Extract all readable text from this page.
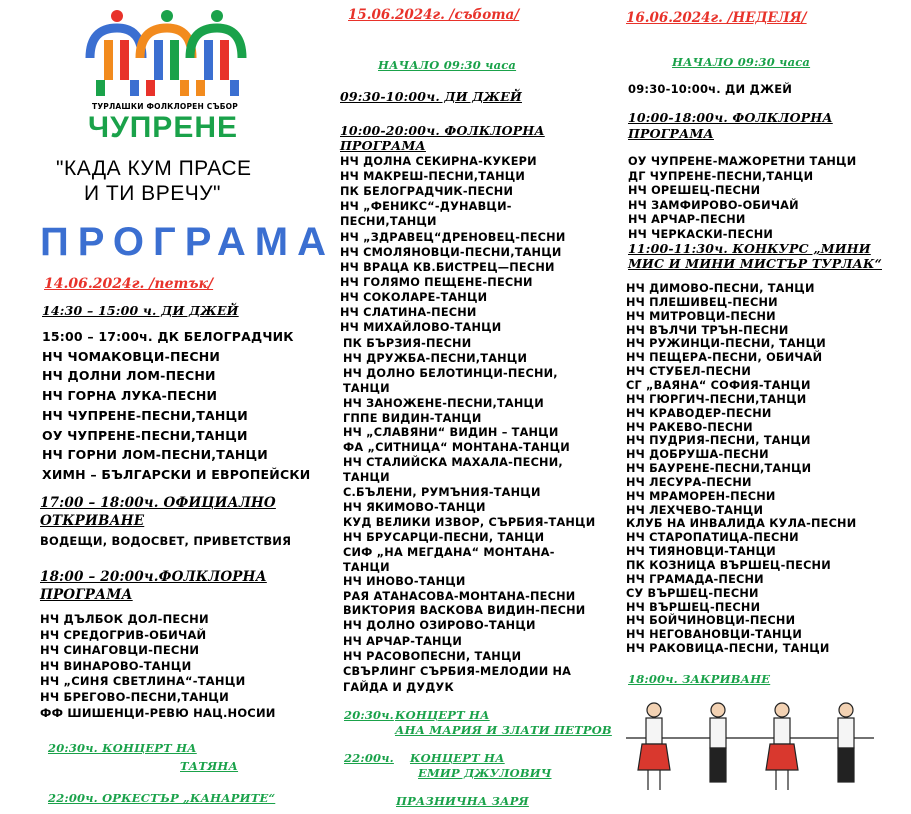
ТУРЛАШКИ ФОЛКЛОРЕН СЪБОР
ЧУПРЕНЕ
"КАДА КУМ ПРАСЕ
И ТИ ВРЕЧУ"
ПРОГРАМА
14.06.2024г. /петък/
14:30 – 15:00 ч. ДИ ДЖЕЙ
15:00 – 17:00ч. ДК БЕЛОГРАДЧИК
НЧ ЧОМАКОВЦИ-ПЕСНИ
НЧ ДОЛНИ ЛОМ-ПЕСНИ
НЧ ГОРНА ЛУКА-ПЕСНИ
НЧ ЧУПРЕНЕ-ПЕСНИ,ТАНЦИ
ОУ ЧУПРЕНЕ-ПЕСНИ,ТАНЦИ
НЧ ГОРНИ ЛОМ-ПЕСНИ,ТАНЦИ
ХИМН – БЪЛГАРСКИ И ЕВРОПЕЙСКИ
17:00 – 18:00ч. ОФИЦИАЛНО
ОТКРИВАНЕ
ВОДЕЩИ, ВОДОСВЕТ, ПРИВЕТСТВИЯ
18:00 – 20:00ч.ФОЛКЛОРНА
ПРОГРАМА
НЧ ДЪЛБОК ДОЛ-ПЕСНИ
НЧ СРЕДОГРИВ-ОБИЧАЙ
НЧ СИНАГОВЦИ-ПЕСНИ
НЧ ВИНАРОВО-ТАНЦИ
НЧ „СИНЯ СВЕТЛИНА“-ТАНЦИ
НЧ БРЕГОВО-ПЕСНИ,ТАНЦИ
ФФ ШИШЕНЦИ-РЕВЮ НАЦ.НОСИИ
20:30ч. КОНЦЕРТ НА
ТАТЯНА
22:00ч. ОРКЕСТЪР „КАНАРИТЕ“
15.06.2024г. /събота/
НАЧАЛО 09:30 часа
09:30-10:00ч. ДИ ДЖЕЙ
10:00-20:00ч. ФОЛКЛОРНА
ПРОГРАМА
НЧ ДОЛНА СЕКИРНА-КУКЕРИ
НЧ МАКРЕШ-ПЕСНИ,ТАНЦИ
ПК БЕЛОГРАДЧИК-ПЕСНИ
НЧ „ФЕНИКС“-ДУНАВЦИ-
ПЕСНИ,ТАНЦИ
НЧ „ЗДРАВЕЦ“ДРЕНОВЕЦ-ПЕСНИ
НЧ СМОЛЯНОВЦИ-ПЕСНИ,ТАНЦИ
НЧ ВРАЦА КВ.БИСТРЕЦ—ПЕСНИ
НЧ ГОЛЯМО ПЕЩЕНЕ-ПЕСНИ
НЧ СОКОЛАРЕ-ТАНЦИ
НЧ СЛАТИНА-ПЕСНИ
НЧ МИХАЙЛОВО-ТАНЦИ
ПК БЪРЗИЯ-ПЕСНИ
НЧ ДРУЖБА-ПЕСНИ,ТАНЦИ
НЧ ДОЛНО БЕЛОТИНЦИ-ПЕСНИ,
ТАНЦИ
НЧ ЗАНОЖЕНЕ-ПЕСНИ,ТАНЦИ
ГППЕ ВИДИН-ТАНЦИ
НЧ „СЛАВЯНИ“ ВИДИН – ТАНЦИ
ФА „СИТНИЦА“ МОНТАНА-ТАНЦИ
НЧ СТАЛИЙСКА МАХАЛА-ПЕСНИ,
ТАНЦИ
С.БЪЛЕНИ, РУМЪНИЯ-ТАНЦИ
НЧ ЯКИМОВО-ТАНЦИ
КУД ВЕЛИКИ ИЗВОР, СЪРБИЯ-ТАНЦИ
НЧ БРУСАРЦИ-ПЕСНИ, ТАНЦИ
СИФ „НА МЕГДАНА“ МОНТАНА-
ТАНЦИ
НЧ ИНОВО-ТАНЦИ
РАЯ АТАНАСОВА-МОНТАНА-ПЕСНИ
ВИКТОРИЯ ВАСКОВА ВИДИН-ПЕСНИ
НЧ ДОЛНО ОЗИРОВО-ТАНЦИ
НЧ АРЧАР-ТАНЦИ
НЧ РАСОВОПЕСНИ, ТАНЦИ
СВЪРЛИНГ СЪРБИЯ-МЕЛОДИИ НА
ГАЙДА И ДУДУК
20:30ч. КОНЦЕРТ НА
АНА МАРИЯ И ЗЛАТИ ПЕТРОВ
22:00ч. КОНЦЕРТ НА
ЕМИР ДЖУЛОВИЧ
ПРАЗНИЧНА ЗАРЯ
16.06.2024г. /НЕДЕЛЯ/
НАЧАЛО 09:30 часа
09:30-10:00ч. ДИ ДЖЕЙ
10:00-18:00ч. ФОЛКЛОРНА
ПРОГРАМА
ОУ ЧУПРЕНЕ-МАЖОРЕТНИ ТАНЦИ
ДГ ЧУПРЕНЕ-ПЕСНИ,ТАНЦИ
НЧ ОРЕШЕЦ-ПЕСНИ
НЧ ЗАМФИРОВО-ОБИЧАЙ
НЧ АРЧАР-ПЕСНИ
НЧ ЧЕРКАСКИ-ПЕСНИ
11:00-11:30ч. КОНКУРС „МИНИ
МИС И МИНИ МИСТЪР ТУРЛАК“
НЧ ДИМОВО-ПЕСНИ, ТАНЦИ
НЧ ПЛЕШИВЕЦ-ПЕСНИ
НЧ МИТРОВЦИ-ПЕСНИ
НЧ ВЪЛЧИ ТРЪН-ПЕСНИ
НЧ РУЖИНЦИ-ПЕСНИ, ТАНЦИ
НЧ ПЕЩЕРА-ПЕСНИ, ОБИЧАЙ
НЧ СТУБЕЛ-ПЕСНИ
СГ „ВАЯНА“ СОФИЯ-ТАНЦИ
НЧ ГЮРГИЧ-ПЕСНИ,ТАНЦИ
НЧ КРАВОДЕР-ПЕСНИ
НЧ РАКЕВО-ПЕСНИ
НЧ ПУДРИЯ-ПЕСНИ, ТАНЦИ
НЧ ДОБРУША-ПЕСНИ
НЧ БАУРЕНЕ-ПЕСНИ,ТАНЦИ
НЧ ЛЕСУРА-ПЕСНИ
НЧ МРАМОРЕН-ПЕСНИ
НЧ ЛЕХЧЕВО-ТАНЦИ
КЛУБ НА ИНВАЛИДА КУЛА-ПЕСНИ
НЧ СТАРОПАТИЦА-ПЕСНИ
НЧ ТИЯНОВЦИ-ТАНЦИ
ПК КОЗНИЦА ВЪРШЕЦ-ПЕСНИ
НЧ ГРАМАДА-ПЕСНИ
СУ ВЪРШЕЦ-ПЕСНИ
НЧ ВЪРШЕЦ-ПЕСНИ
НЧ БОЙЧИНОВЦИ-ПЕСНИ
НЧ НЕГОВАНОВЦИ-ТАНЦИ
НЧ РАКОВИЦА-ПЕСНИ, ТАНЦИ
18:00ч. ЗАКРИВАНЕ
